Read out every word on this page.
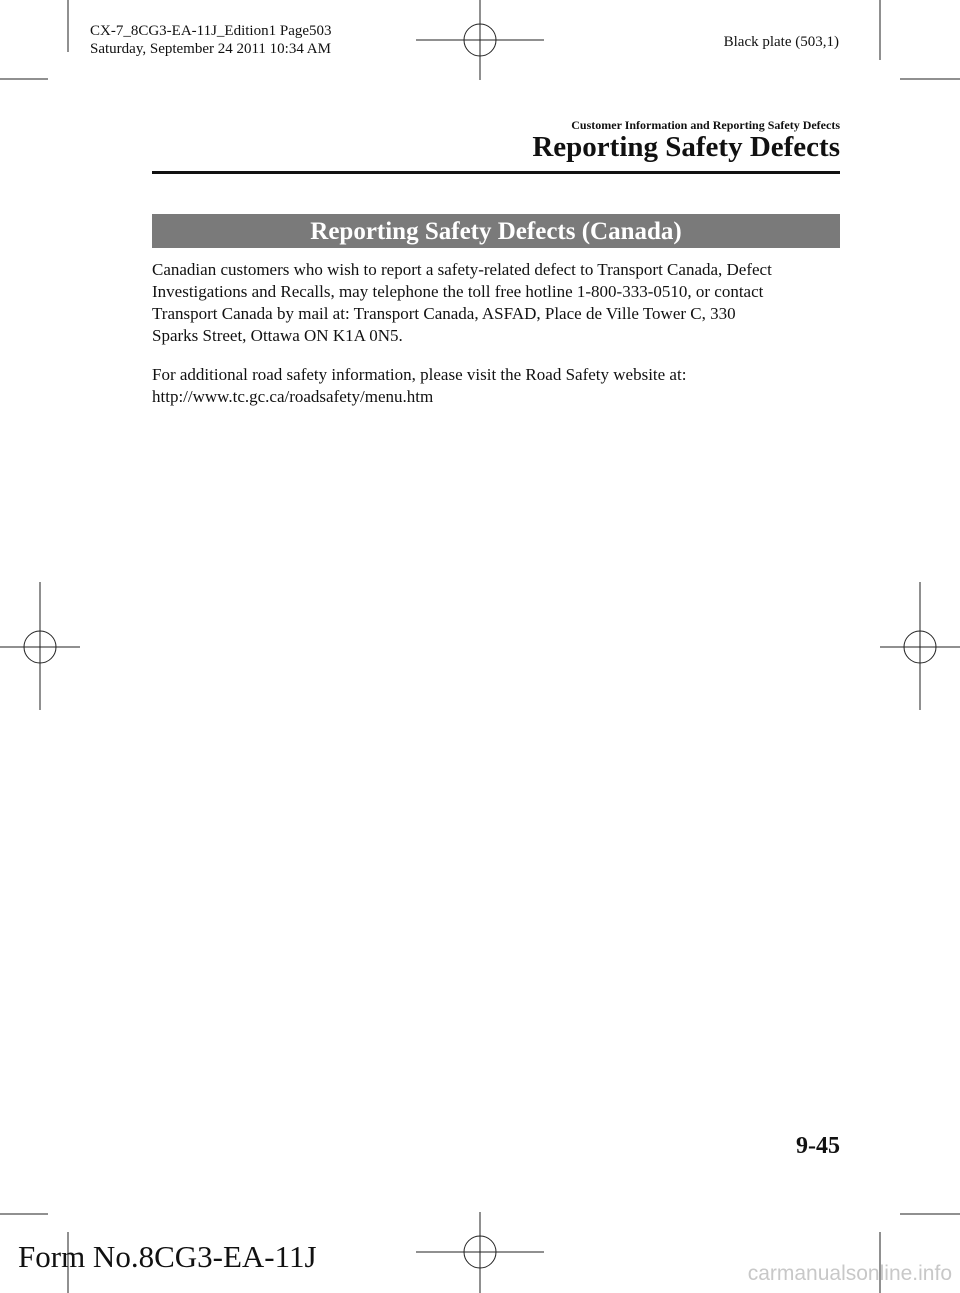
CX-7_8CG3-EA-11J_Edition1 Page503
Saturday, September 24 2011 10:34 AM	Black plate (503,1)
Customer Information and Reporting Safety Defects
Reporting Safety Defects
Reporting Safety Defects (Canada)

Canadian customers who wish to report a safety-related defect to Transport Canada, Defect

Investigations and Recalls, may telephone the toll free hotline 1-800-333-0510, or contact

Transport Canada by mail at: Transport Canada, ASFAD, Place de Ville Tower C, 330

Sparks Street, Ottawa ON K1A 0N5.

For additional road safety information, please visit the Road Safety website at:

http://www.tc.gc.ca/roadsafety/menu.htm

9-45
Form No.8CG3-EA-11J	carmanualsonline.info
